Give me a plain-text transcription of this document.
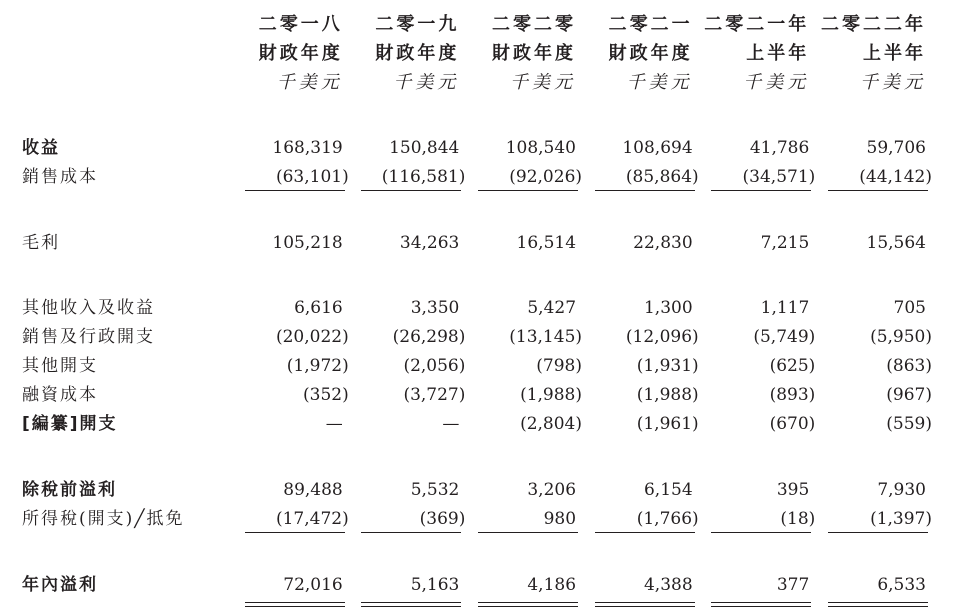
	二零一八	二零一九	二零二零	二零二一	二零二一年	二零二二年
	財政年度	財政年度	財政年度	財政年度	上半年	上半年
	千美元	千美元	千美元	千美元	千美元	千美元

收益	168,319	150,844	108,540	108,694	41,786	59,706
銷售成本	(63,101)	(116,581)	(92,026)	(85,864)	(34,571)	(44,142)

毛利	105,218	34,263	16,514	22,830	7,215	15,564

其他收入及收益	6,616	3,350	5,427	1,300	1,117	705
銷售及行政開支	(20,022)	(26,298)	(13,145)	(12,096)	(5,749)	(5,950)
其他開支	(1,972)	(2,056)	(798)	(1,931)	(625)	(863)
融資成本	(352)	(3,727)	(1,988)	(1,988)	(893)	(967)
[編纂]開支	—	—	(2,804)	(1,961)	(670)	(559)

除稅前溢利	89,488	5,532	3,206	6,154	395	7,930
所得稅(開支)╱抵免	(17,472)	(369)	980	(1,766)	(18)	(1,397)

年內溢利	72,016	5,163	4,186	4,388	377	6,533
